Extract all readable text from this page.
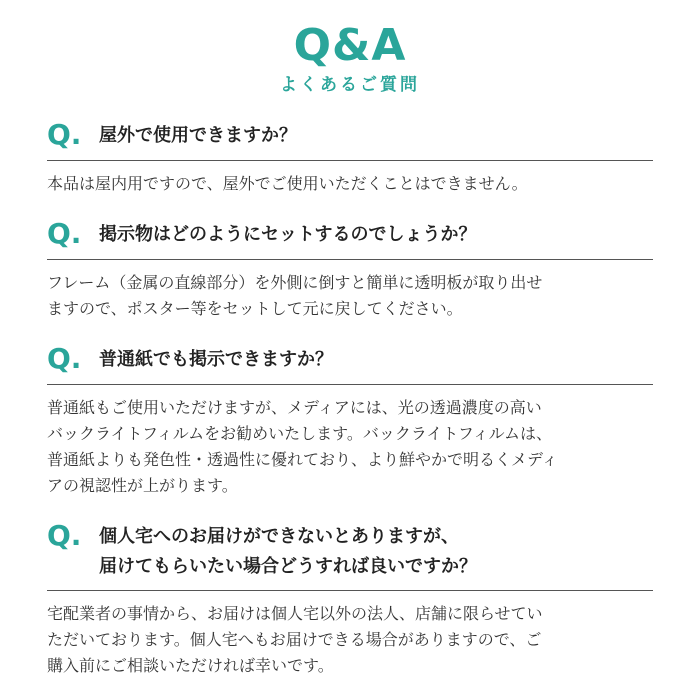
Q&A
よくあるご質問
Q. 屋外で使用できますか？
本品は屋内用ですので、屋外でご使用いただくことはできません。
Q. 掲示物はどのようにセットするのでしょうか？
フレーム（金属の直線部分）を外側に倒すと簡単に透明板が取り出せ
ますので、ポスター等をセットして元に戻してください。
Q. 普通紙でも掲示できますか？
普通紙もご使用いただけますが、メディアには、光の透過濃度の高い
バックライトフィルムをお勧めいたします。バックライトフィルムは、
普通紙よりも発色性・透過性に優れており、より鮮やかで明るくメディ
アの視認性が上がります。
Q. 個人宅へのお届けができないとありますが、
届けてもらいたい場合どうすれば良いですか？
宅配業者の事情から、お届けは個人宅以外の法人、店舗に限らせてい
ただいております。個人宅へもお届けできる場合がありますので、ご
購入前にご相談いただければ幸いです。
